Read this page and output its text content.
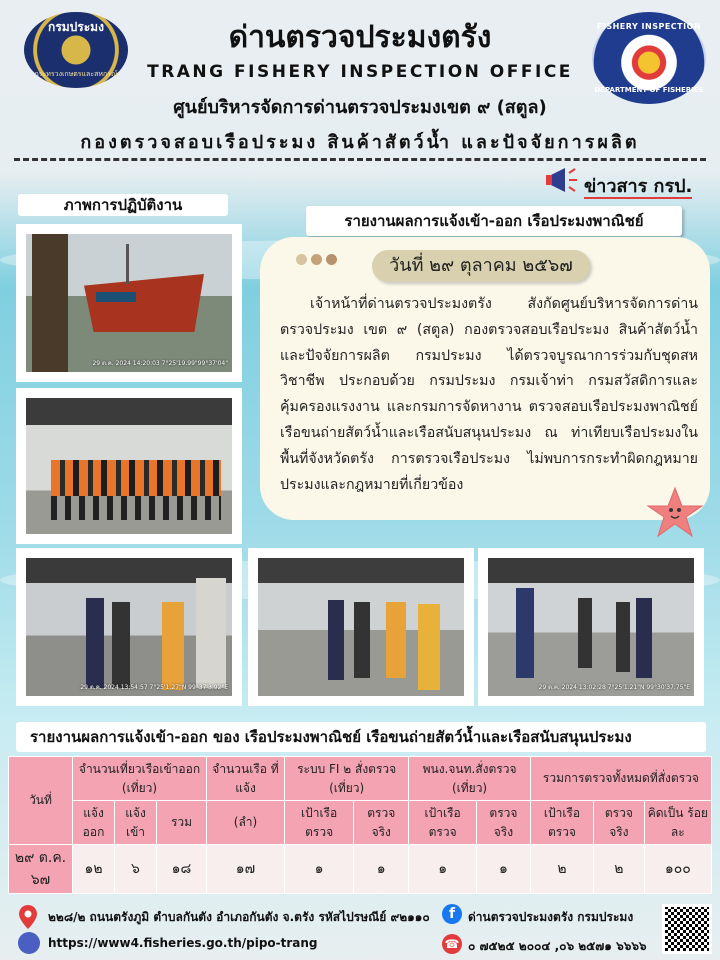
กรมประมง
กระทรวงเกษตรและสหกรณ์
FISHERY INSPECTION
DEPARTMENT OF FISHERIES
ด่านตรวจประมงตรัง
TRANG FISHERY INSPECTION OFFICE
ศูนย์บริหารจัดการด่านตรวจประมงเขต ๙ (สตูล)
กองตรวจสอบเรือประมง สินค้าสัตว์น้ำ และปัจจัยการผลิต
ข่าวสาร กรป.
ภาพการปฏิบัติงาน
รายงานผลการแจ้งเข้า-ออก เรือประมงพาณิชย์
29 ต.ค. 2024 14:20:03 7°25'19.99"99°37'04"
29 ต.ค. 2024 13:54:57 7°25'1.27"N 99°37'3.92"E	29 ต.ค. 2024 13:02:28 7°25'1.21"N 99°30'37.75"E
วันที่ ๒๙ ตุลาคม ๒๕๖๗
เจ้าหน้าที่ด่านตรวจประมงตรัง สังกัดศูนย์บริหารจัดการด่านตรวจประมง เขต ๙ (สตูล) กองตรวจสอบเรือประมง สินค้าสัตว์น้ำ และปัจจัยการผลิต กรมประมง ได้ตรวจบูรณาการร่วมกับชุดสหวิชาชีพ ประกอบด้วย กรมประมง กรมเจ้าท่า กรมสวัสดิการและคุ้มครองแรงงาน และกรมการจัดหางาน ตรวจสอบเรือประมงพาณิชย์ เรือขนถ่ายสัตว์น้ำและเรือสนับสนุนประมง ณ ท่าเทียบเรือประมงในพื้นที่จังหวัดตรัง การตรวจเรือประมง ไม่พบการกระทำผิดกฎหมายประมงและกฎหมายที่เกี่ยวข้อง
รายงานผลการแจ้งเข้า-ออก ของ เรือประมงพาณิชย์ เรือขนถ่ายสัตว์น้ำและเรือสนับสนุนประมง
วันที่	จำนวนเที่ยวเรือเข้าออก (เที่ยว)			จำนวนเรือ ที่แจ้ง	ระบบ FI ๒ สั่งตรวจ (เที่ยว)		พนง.จนท.สั่งตรวจ (เที่ยว)		รวมการตรวจทั้งหมดที่สั่งตรวจ		
	แจ้ง ออก	แจ้ง เข้า	รวม	(ลำ)	เป้าเรือ ตรวจ	ตรวจ จริง	เป้าเรือ ตรวจ	ตรวจ จริง	เป้าเรือ ตรวจ	ตรวจ จริง	คิดเป็น ร้อยละ
๒๙ ต.ค. ๖๗	๑๒	๖	๑๘	๑๗	๑	๑	๑	๑	๒	๒	๑๐๐
๒๒๘/๒ ถนนตรังภูมิ ตำบลกันตัง อำเภอกันตัง จ.ตรัง รหัสไปรษณีย์ ๙๒๑๑๐
https://www4.fisheries.go.th/pipo-trang
f	ด่านตรวจประมงตรัง กรมประมง
☎ ๐ ๗๕๒๕ ๒๐๐๔ ,๐๖ ๒๕๗๑ ๖๖๖๖
